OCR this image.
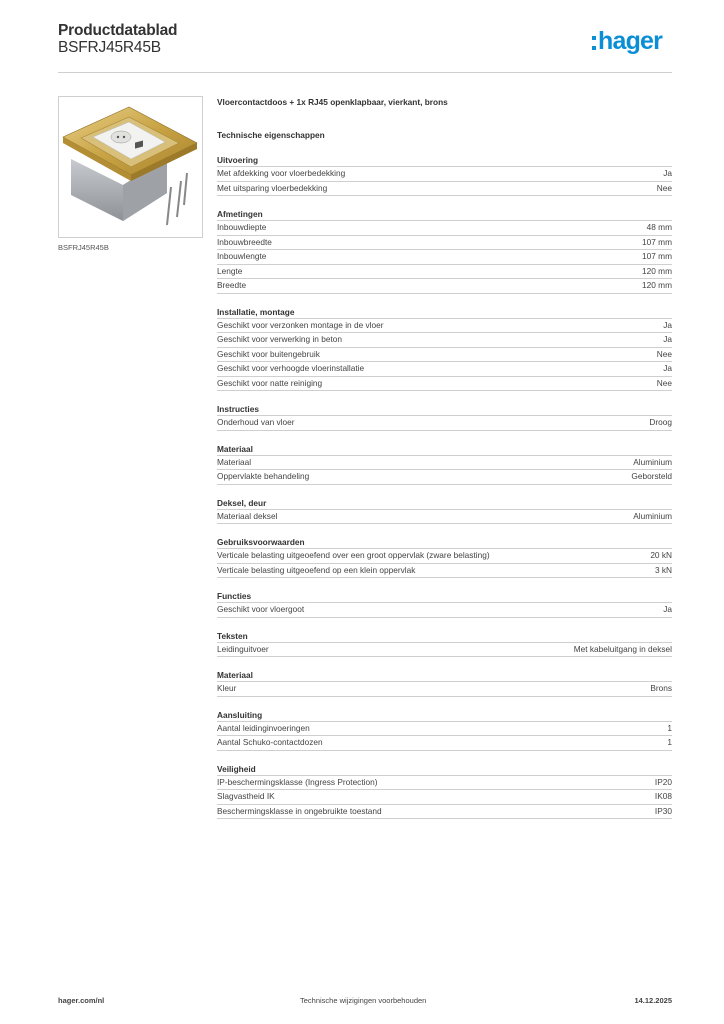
Productdatablad
BSFRJ45R45B	hager
BSFRJ45R45B
Vloercontactdoos + 1x RJ45 openklapbaar, vierkant, brons
Technische eigenschappen
Uitvoering
Met afdekking voor vloerbedekking	Ja
Met uitsparing vloerbedekking	Nee
Afmetingen
Inbouwdiepte	48 mm
Inbouwbreedte	107 mm
Inbouwlengte	107 mm
Lengte	120 mm
Breedte	120 mm
Installatie, montage
Geschikt voor verzonken montage in de vloer	Ja
Geschikt voor verwerking in beton	Ja
Geschikt voor buitengebruik	Nee
Geschikt voor verhoogde vloerinstallatie	Ja
Geschikt voor natte reiniging	Nee
Instructies
Onderhoud van vloer	Droog
Materiaal
Materiaal	Aluminium
Oppervlakte behandeling	Geborsteld
Deksel, deur
Materiaal deksel	Aluminium
Gebruiksvoorwaarden
Verticale belasting uitgeoefend over een groot oppervlak (zware belasting)	20 kN
Verticale belasting uitgeoefend op een klein oppervlak	3 kN
Functies
Geschikt voor vloergoot	Ja
Teksten
Leidinguitvoer	Met kabeluitgang in deksel
Materiaal
Kleur	Brons
Aansluiting
Aantal leidinginvoeringen	1
Aantal Schuko-contactdozen	1
Veiligheid
IP-beschermingsklasse (Ingress Protection)	IP20
Slagvastheid IK	IK08
Beschermingsklasse in ongebruikte toestand	IP30
hager.com/nl	Technische wijzigingen voorbehouden	14.12.2025
